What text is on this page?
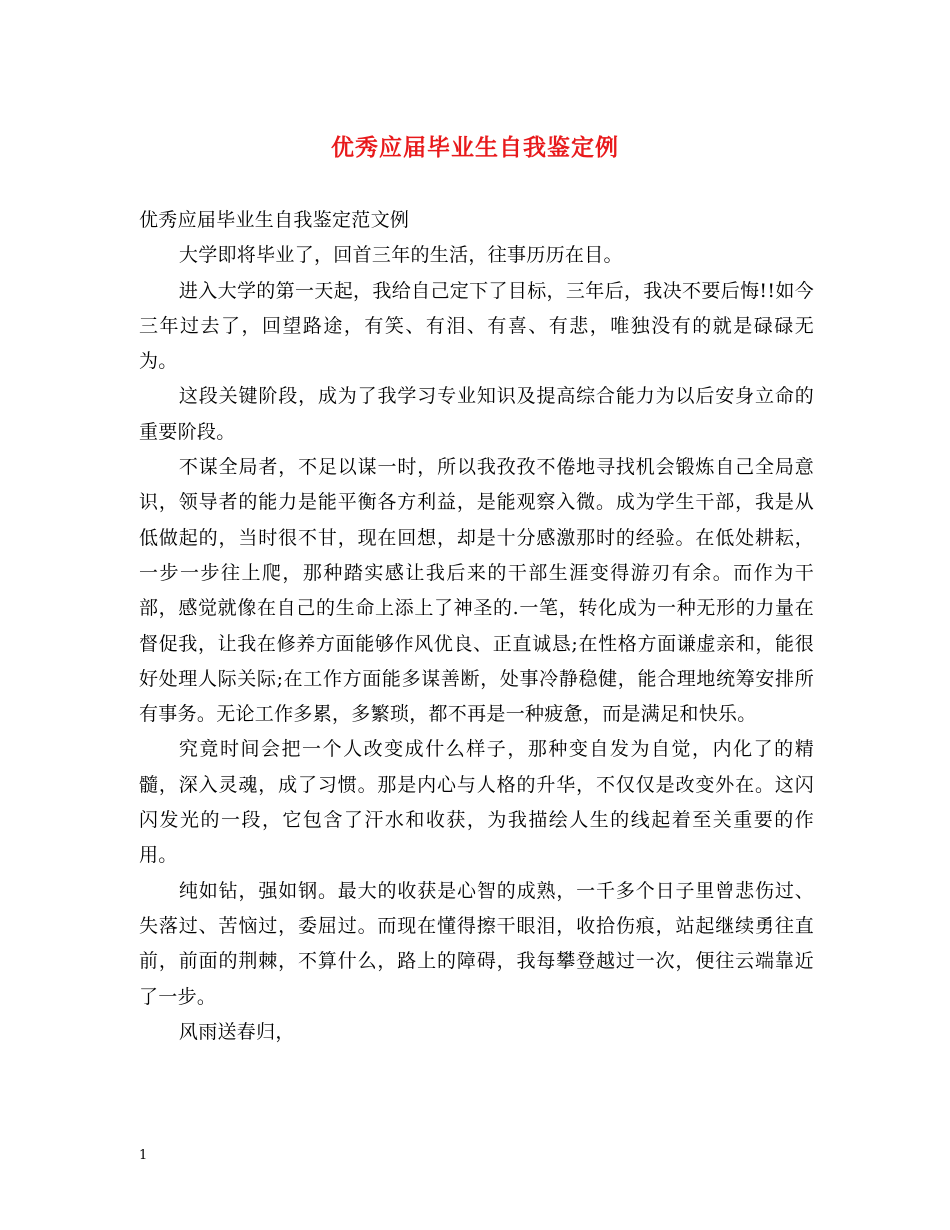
优秀应届毕业生自我鉴定例

优秀应届毕业生自我鉴定范文例

大学即将毕业了，回首三年的生活，往事历历在目。

进入大学的第一天起，我给自己定下了目标，三年后，我决不要后悔!!如今三年过去了，回望路途，有笑、有泪、有喜、有悲，唯独没有的就是碌碌无为。

这段关键阶段，成为了我学习专业知识及提高综合能力为以后安身立命的重要阶段。

不谋全局者，不足以谋一时，所以我孜孜不倦地寻找机会锻炼自己全局意识，领导者的能力是能平衡各方利益，是能观察入微。成为学生干部，我是从低做起的，当时很不甘，现在回想，却是十分感激那时的经验。在低处耕耘，一步一步往上爬，那种踏实感让我后来的干部生涯变得游刃有余。而作为干部，感觉就像在自己的生命上添上了神圣的.一笔，转化成为一种无形的力量在督促我，让我在修养方面能够作风优良、正直诚恳;在性格方面谦虚亲和，能很好处理人际关际;在工作方面能多谋善断，处事冷静稳健，能合理地统筹安排所有事务。无论工作多累，多繁琐，都不再是一种疲惫，而是满足和快乐。

究竟时间会把一个人改变成什么样子，那种变自发为自觉，内化了的精髓，深入灵魂，成了习惯。那是内心与人格的升华，不仅仅是改变外在。这闪闪发光的一段，它包含了汗水和收获，为我描绘人生的线起着至关重要的作用。

纯如钻，强如钢。最大的收获是心智的成熟，一千多个日子里曾悲伤过、失落过、苦恼过，委屈过。而现在懂得擦干眼泪，收拾伤痕，站起继续勇往直前，前面的荆棘，不算什么，路上的障碍，我每攀登越过一次，便往云端靠近了一步。

风雨送春归，

1
